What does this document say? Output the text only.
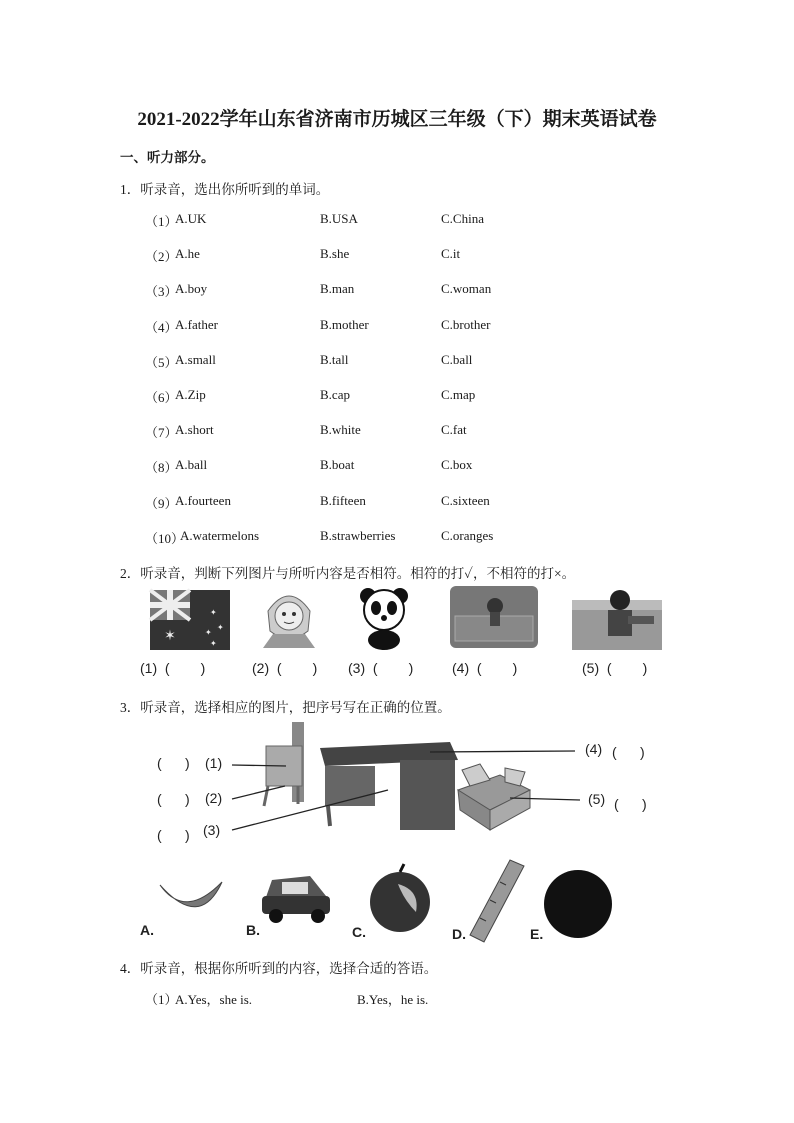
2021-2022学年山东省济南市历城区三年级（下）期末英语试卷
一、听力部分。
1．听录音，选出你所听到的单词。
（1）
A.UK	B.USA	C.China
（2）
A.he	B.she	C.it
（3）
A.boy	B.man	C.woman
（4）
A.father	B.mother	C.brother
（5）
A.small	B.tall	C.ball
（6）
A.Zip	B.cap	C.map
（7）
A.short	B.white	C.fat
（8）
A.ball	B.boat	C.box
（9）
A.fourteen	B.fifteen	C.sixteen
（10）
A.watermelons	B.strawberries	C.oranges
2．听录音，判断下列图片与所听内容是否相符。相符的打✓，不相符的打×。
✶
✦
✦
✦
✦
(1)  (        )	(2)  (        ) (3)  (        )	(4)  (        )	(5)  (        )
3．听录音，选择相应的图片，把序号写在正确的位置。
(      )
(      )
(      )
(      )
(      )
(1)
(2)
(3)
(4)
(5)
A.	B.	C.	D.	E.
4．听录音，根据你所听到的内容，选择合适的答语。
（1）
A.Yes，she is.	B.Yes，he is.
